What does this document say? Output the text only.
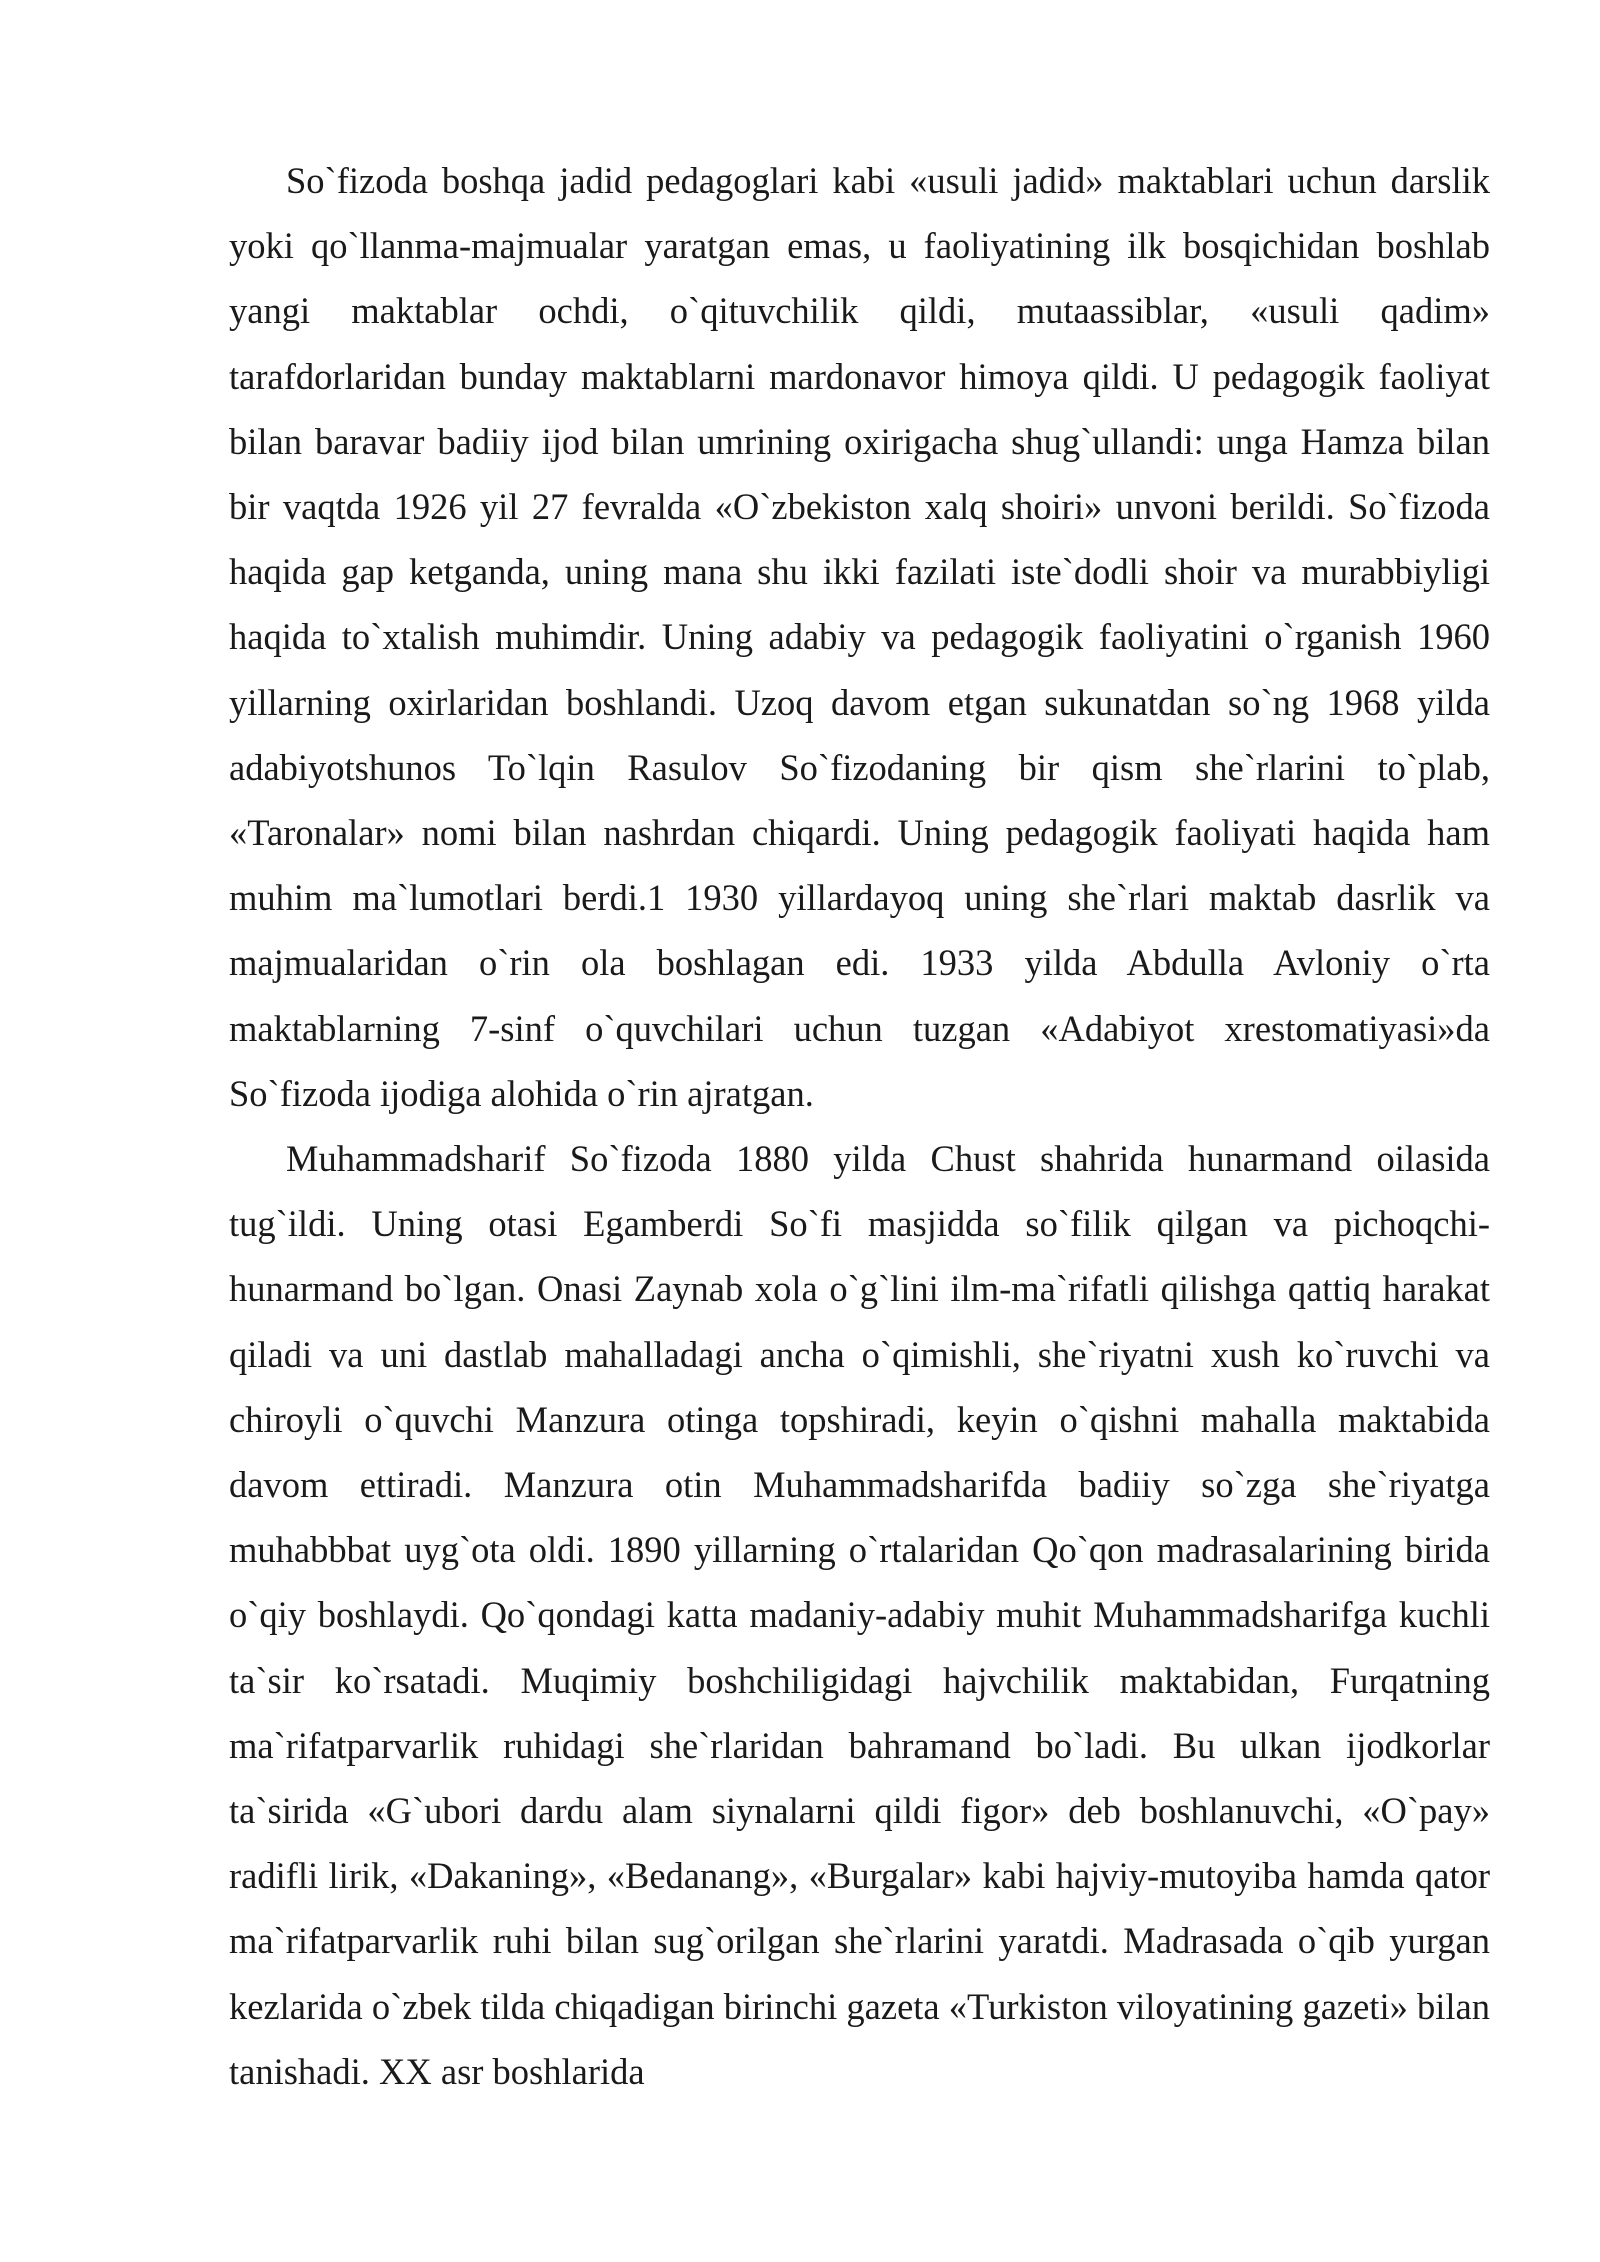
So`fizoda boshqa jadid pedagoglari kabi «usuli jadid» maktablari uchun darslik yoki qo`llanma-majmualar yaratgan emas, u faoliyatining ilk bosqichidan boshlab yangi maktablar ochdi, o`qituvchilik qildi, mutaassiblar, «usuli qadim» tarafdorlaridan bunday maktablarni mardonavor himoya qildi. U pedagogik faoliyat bilan baravar badiiy ijod bilan umrining oxirigacha shug`ullandi: unga Hamza bilan bir vaqtda 1926 yil 27 fevralda «O`zbekiston xalq shoiri» unvoni berildi. So`fizoda haqida gap ketganda, uning mana shu ikki fazilati iste`dodli shoir va murabbiyligi haqida to`xtalish muhimdir. Uning adabiy va pedagogik faoliyatini o`rganish 1960 yillarning oxirlaridan boshlandi. Uzoq davom etgan sukunatdan so`ng 1968 yilda adabiyotshunos To`lqin Rasulov So`fizodaning bir qism she`rlarini to`plab, «Taronalar» nomi bilan nashrdan chiqardi. Uning pedagogik faoliyati haqida ham muhim ma`lumotlari berdi.1 1930 yillardayoq uning she`rlari maktab dasrlik va majmualaridan o`rin ola boshlagan edi. 1933 yilda Abdulla Avloniy o`rta maktablarning 7-sinf o`quvchilari uchun tuzgan «Adabiyot xrestomatiyasi»da So`fizoda ijodiga alohida o`rin ajratgan.

Muhammadsharif So`fizoda 1880 yilda Chust shahrida hunarmand oilasida tug`ildi. Uning otasi Egamberdi So`fi masjidda so`filik qilgan va pichoqchi-hunarmand bo`lgan. Onasi Zaynab xola o`g`lini ilm-ma`rifatli qilishga qattiq harakat qiladi va uni dastlab mahalladagi ancha o`qimishli, she`riyatni xush ko`ruvchi va chiroyli o`quvchi Manzura otinga topshiradi, keyin o`qishni mahalla maktabida davom ettiradi. Manzura otin Muhammadsharifda badiiy so`zga she`riyatga muhabbbat uyg`ota oldi. 1890 yillarning o`rtalaridan Qo`qon madrasalarining birida o`qiy boshlaydi. Qo`qondagi katta madaniy-adabiy muhit Muhammadsharifga kuchli ta`sir ko`rsatadi. Muqimiy boshchiligidagi hajvchilik maktabidan, Furqatning ma`rifatparvarlik ruhidagi she`rlaridan bahramand bo`ladi. Bu ulkan ijodkorlar ta`sirida «G`ubori dardu alam siynalarni qildi figor» deb boshlanuvchi, «O`pay» radifli lirik, «Dakaning», «Bedanang», «Burgalar» kabi hajviy-mutoyiba hamda qator ma`rifatparvarlik ruhi bilan sug`orilgan she`rlarini yaratdi. Madrasada o`qib yurgan kezlarida o`zbek tilda chiqadigan birinchi gazeta «Turkiston viloyatining gazeti» bilan tanishadi. XX asr boshlarida
